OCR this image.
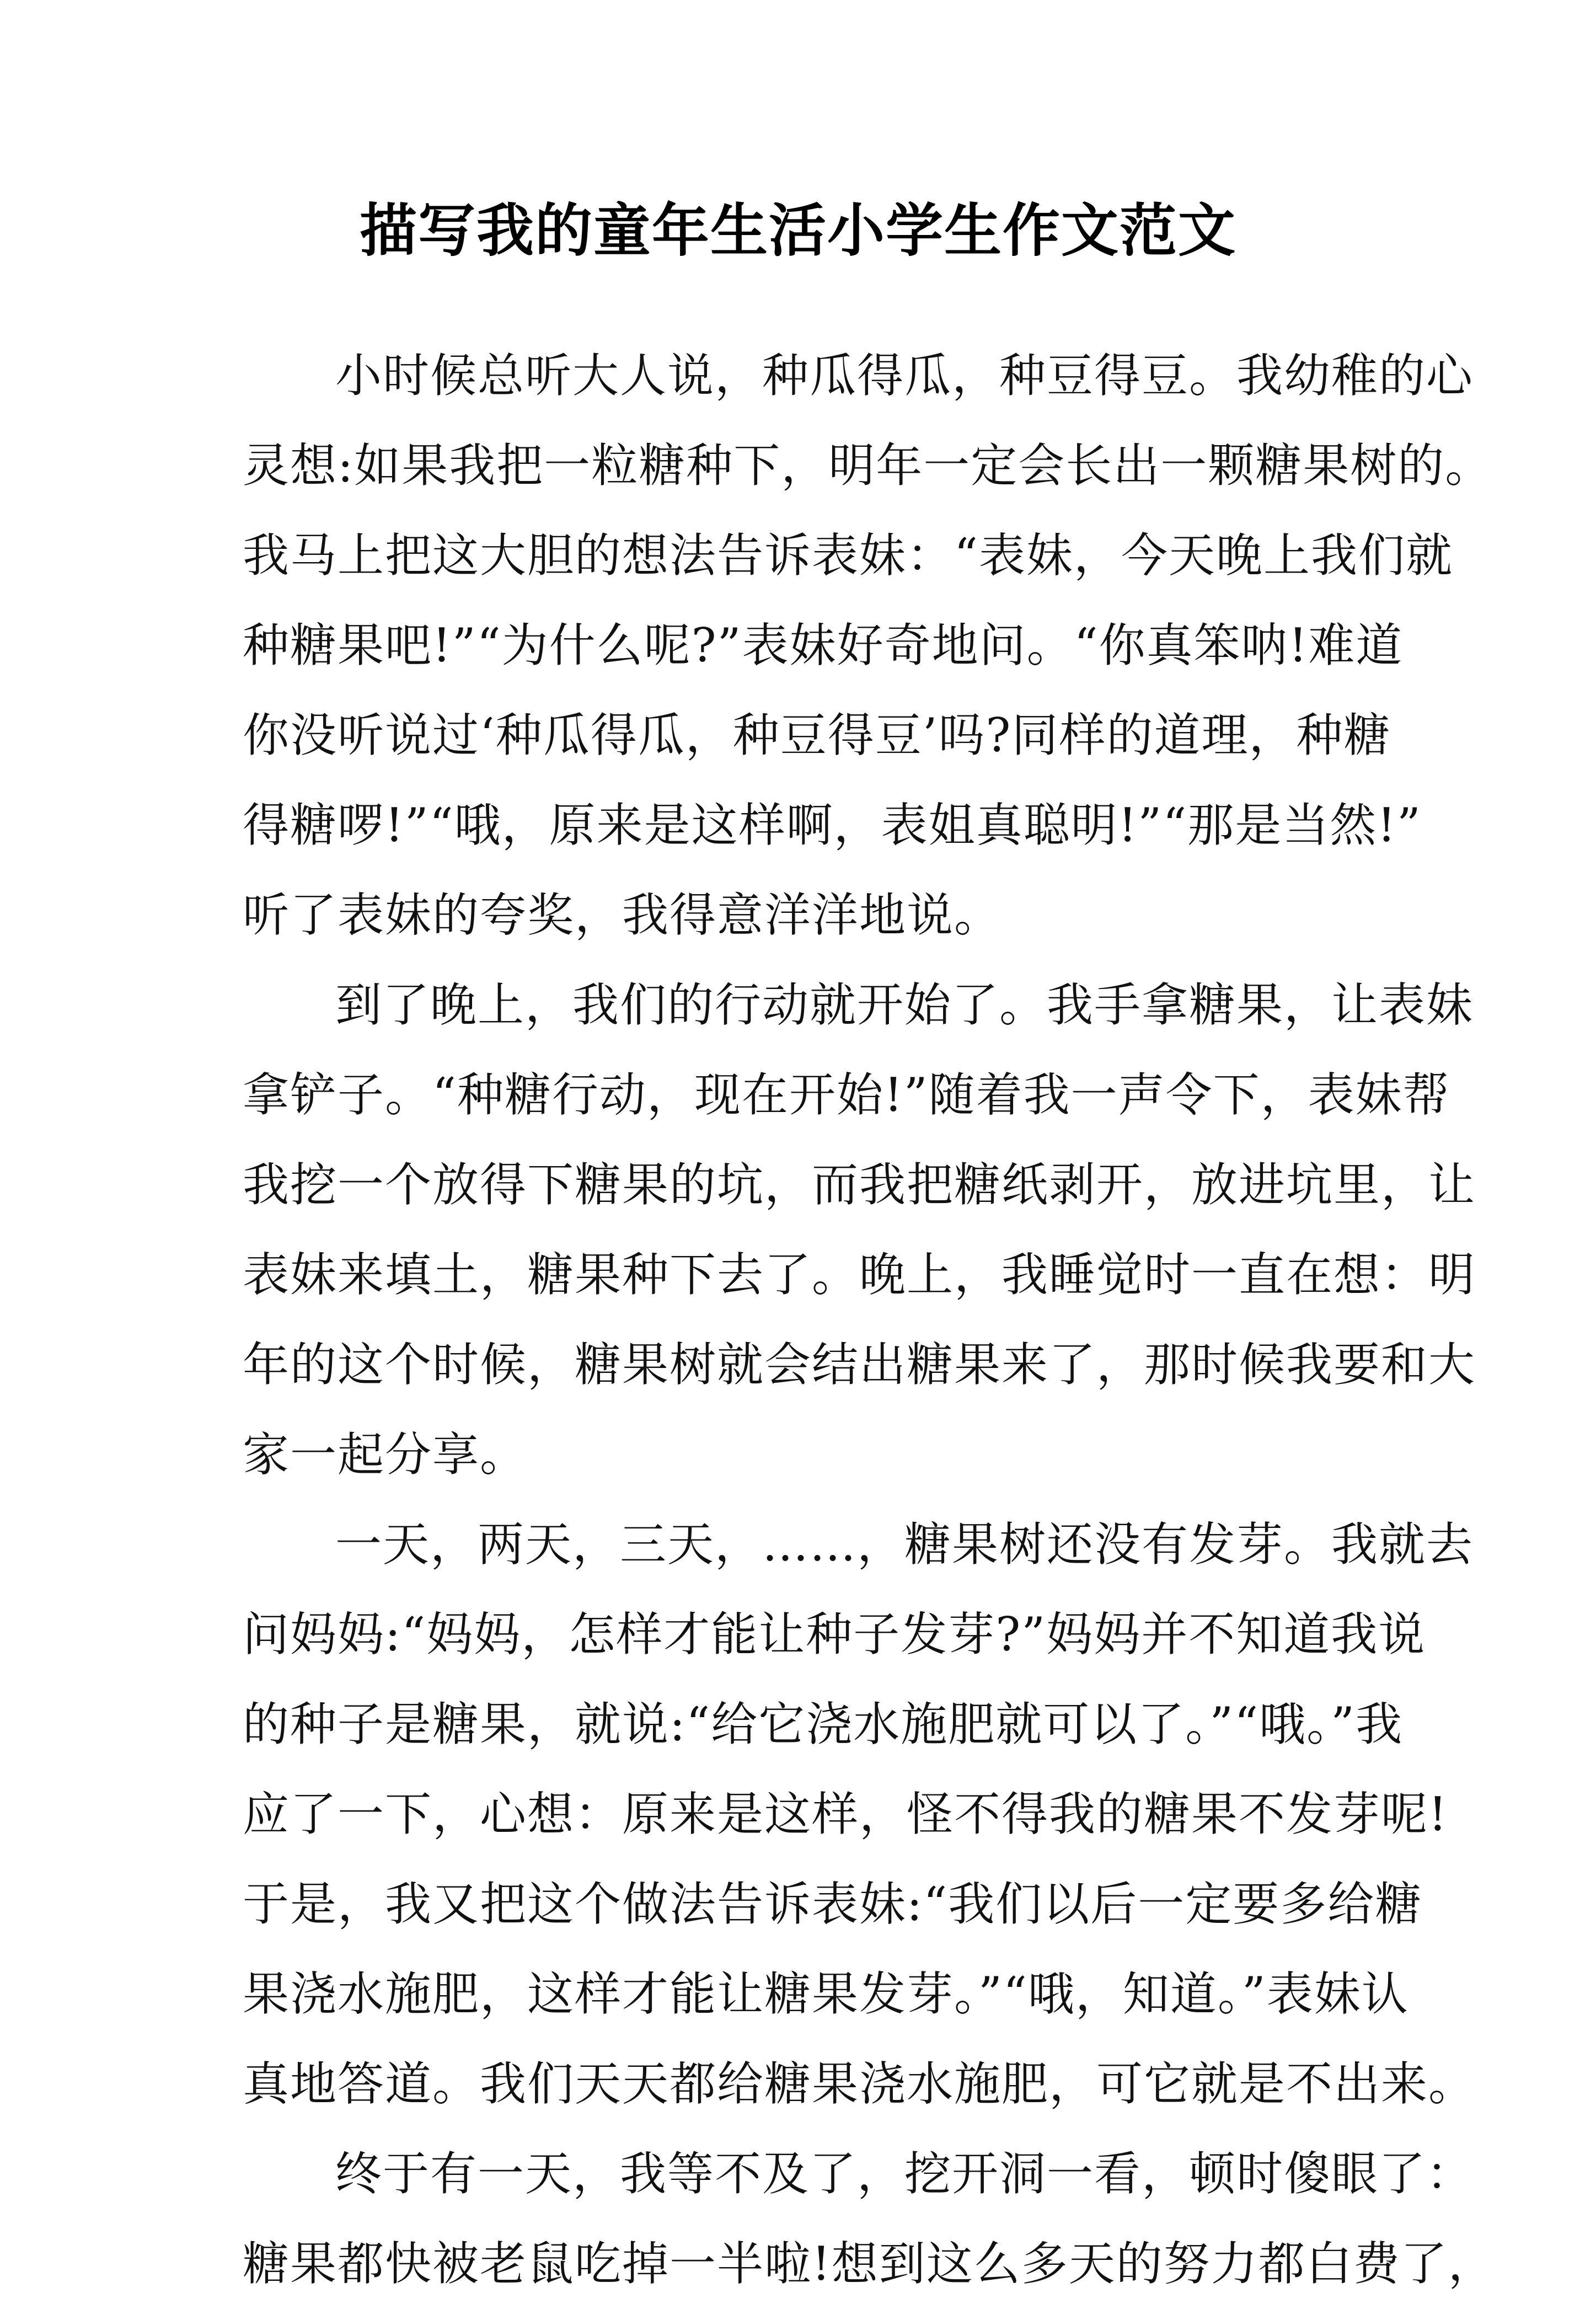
描写我的童年生活小学生作文范文
小时候总听大人说，种瓜得瓜，种豆得豆。我幼稚的心
灵想:如果我把一粒糖种下，明年一定会长出一颗糖果树的。
我马上把这大胆的想法告诉表妹：“表妹，今天晚上我们就
种糖果吧!”“为什么呢?”表妹好奇地问。“你真笨呐!难道
你没听说过‘种瓜得瓜，种豆得豆’吗?同样的道理，种糖
得糖啰!”“哦，原来是这样啊，表姐真聪明!”“那是当然!”
听了表妹的夸奖，我得意洋洋地说。
到了晚上，我们的行动就开始了。我手拿糖果，让表妹
拿铲子。“种糖行动，现在开始!”随着我一声令下，表妹帮
我挖一个放得下糖果的坑，而我把糖纸剥开，放进坑里，让
表妹来填土，糖果种下去了。晚上，我睡觉时一直在想：明
年的这个时候，糖果树就会结出糖果来了，那时候我要和大
家一起分享。
一天，两天，三天，……，糖果树还没有发芽。我就去
问妈妈:“妈妈，怎样才能让种子发芽?”妈妈并不知道我说
的种子是糖果，就说:“给它浇水施肥就可以了。”“哦。”我
应了一下，心想：原来是这样，怪不得我的糖果不发芽呢!
于是，我又把这个做法告诉表妹:“我们以后一定要多给糖
果浇水施肥，这样才能让糖果发芽。”“哦，知道。”表妹认
真地答道。我们天天都给糖果浇水施肥，可它就是不出来。
终于有一天，我等不及了，挖开洞一看，顿时傻眼了：
糖果都快被老鼠吃掉一半啦!想到这么多天的努力都白费了，
